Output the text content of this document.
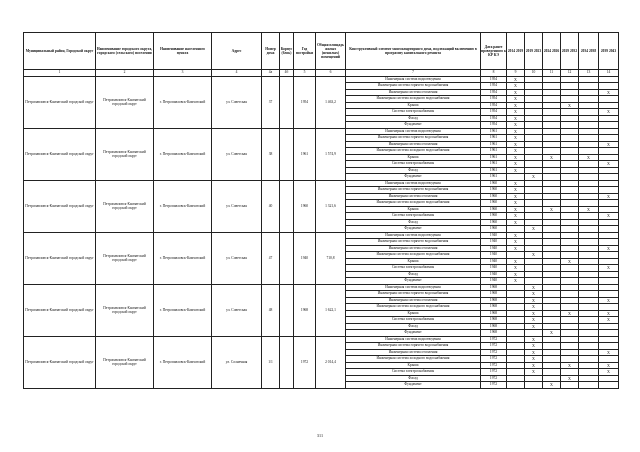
Муниципальный район, Городской округ	Наименование городского округа, городского (сельского) поселения	Наименование населенного пункта	Адрес	Номер дома	Корпус (блок)	Год постройки	Общая площадь жилых (нежилых) помещений	Конструктивный элемент многоквартирного дома, подлежащий включению в программу капитального ремонта	Дата ранее проведенного к КР КЭ	2014 2019	2019 2023	2024 2026	2029 2032	2034 2038	2039 2043
1	2	3	4	4а	4б	5	6	7	8	9	10	11	12	13	14
Петропавловск-Камчатский городской округ	Петропавловск-Камчатский городской округ	г. Петропавловск-Камчатский	ул. Советская	37		1954	1 463,2	Инженерная система водоотведения	1954	X					
								Инженерная система горячего водоснабжения	1954	X					
								Инженерная система отопления	1954	X					X
								Инженерная система холодного водоснабжения	1954	X					
								Крыша	1954	X			X		
								Система электроснабжения	1954	X					X
								Фасад	1954	X					
								Фундамент	1954	X					
Петропавловск-Камчатский городской округ	Петропавловск-Камчатский городской округ	г. Петропавловск-Камчатский	ул. Советская	38		1961	1 574,9	Инженерная система водоотведения	1961	X					
								Инженерная система горячего водоснабжения	1961	X					
								Инженерная система отопления	1961	X					X
								Инженерная система холодного водоснабжения	1961	X					
								Крыша	1961	X		X		X	
								Система электроснабжения	1961	X					X
								Фасад	1961	X					
								Фундамент	1961		X				
Петропавловск-Камчатский городской округ	Петропавловск-Камчатский городской округ	г. Петропавловск-Камчатский	ул. Советская	40		1960	1 321,6	Инженерная система водоотведения	1960	X					
								Инженерная система горячего водоснабжения	1960	X					
								Инженерная система отопления	1960	X					X
								Инженерная система холодного водоснабжения	1960	X					
								Крыша	1960	X		X		X	
								Система электроснабжения	1960	X					X
								Фасад	1960	X					
								Фундамент	1960		X				
Петропавловск-Камчатский городской округ	Петропавловск-Камчатский городской округ	г. Петропавловск-Камчатский	ул. Советская	47		1940	710,8	Инженерная система водоотведения	1940	X					
								Инженерная система горячего водоснабжения	1940	X					
								Инженерная система отопления	1940	X					X
								Инженерная система холодного водоснабжения	1940		X				
								Крыша	1940	X			X		
								Система электроснабжения	1940	X					X
								Фасад	1940	X					
								Фундамент	1940	X					
Петропавловск-Камчатский городской округ	Петропавловск-Камчатский городской округ	г. Петропавловск-Камчатский	ул. Советская	48		1968	1 622,1	Инженерная система водоотведения	1968		X				
								Инженерная система горячего водоснабжения	1968		X				
								Инженерная система отопления	1968		X				X
								Инженерная система холодного водоснабжения	1968		X				
								Крыша	1968		X		X		X
								Система электроснабжения	1968		X				X
								Фасад	1968		X				
								Фундамент	1968			X			
Петропавловск-Камчатский городской округ	Петропавловск-Камчатский городской округ	г. Петропавловск-Камчатский	ул. Солнечная	1/1		1972	2 014,4	Инженерная система водоотведения	1972		X				
								Инженерная система горячего водоснабжения	1972		X				
								Инженерная система отопления	1972		X				X
								Инженерная система холодного водоснабжения	1972		X				
								Крыша	1972		X		X		X
								Система электроснабжения	1972		X				X
								Фасад	1972				X		
								Фундамент	1972			X			
311
